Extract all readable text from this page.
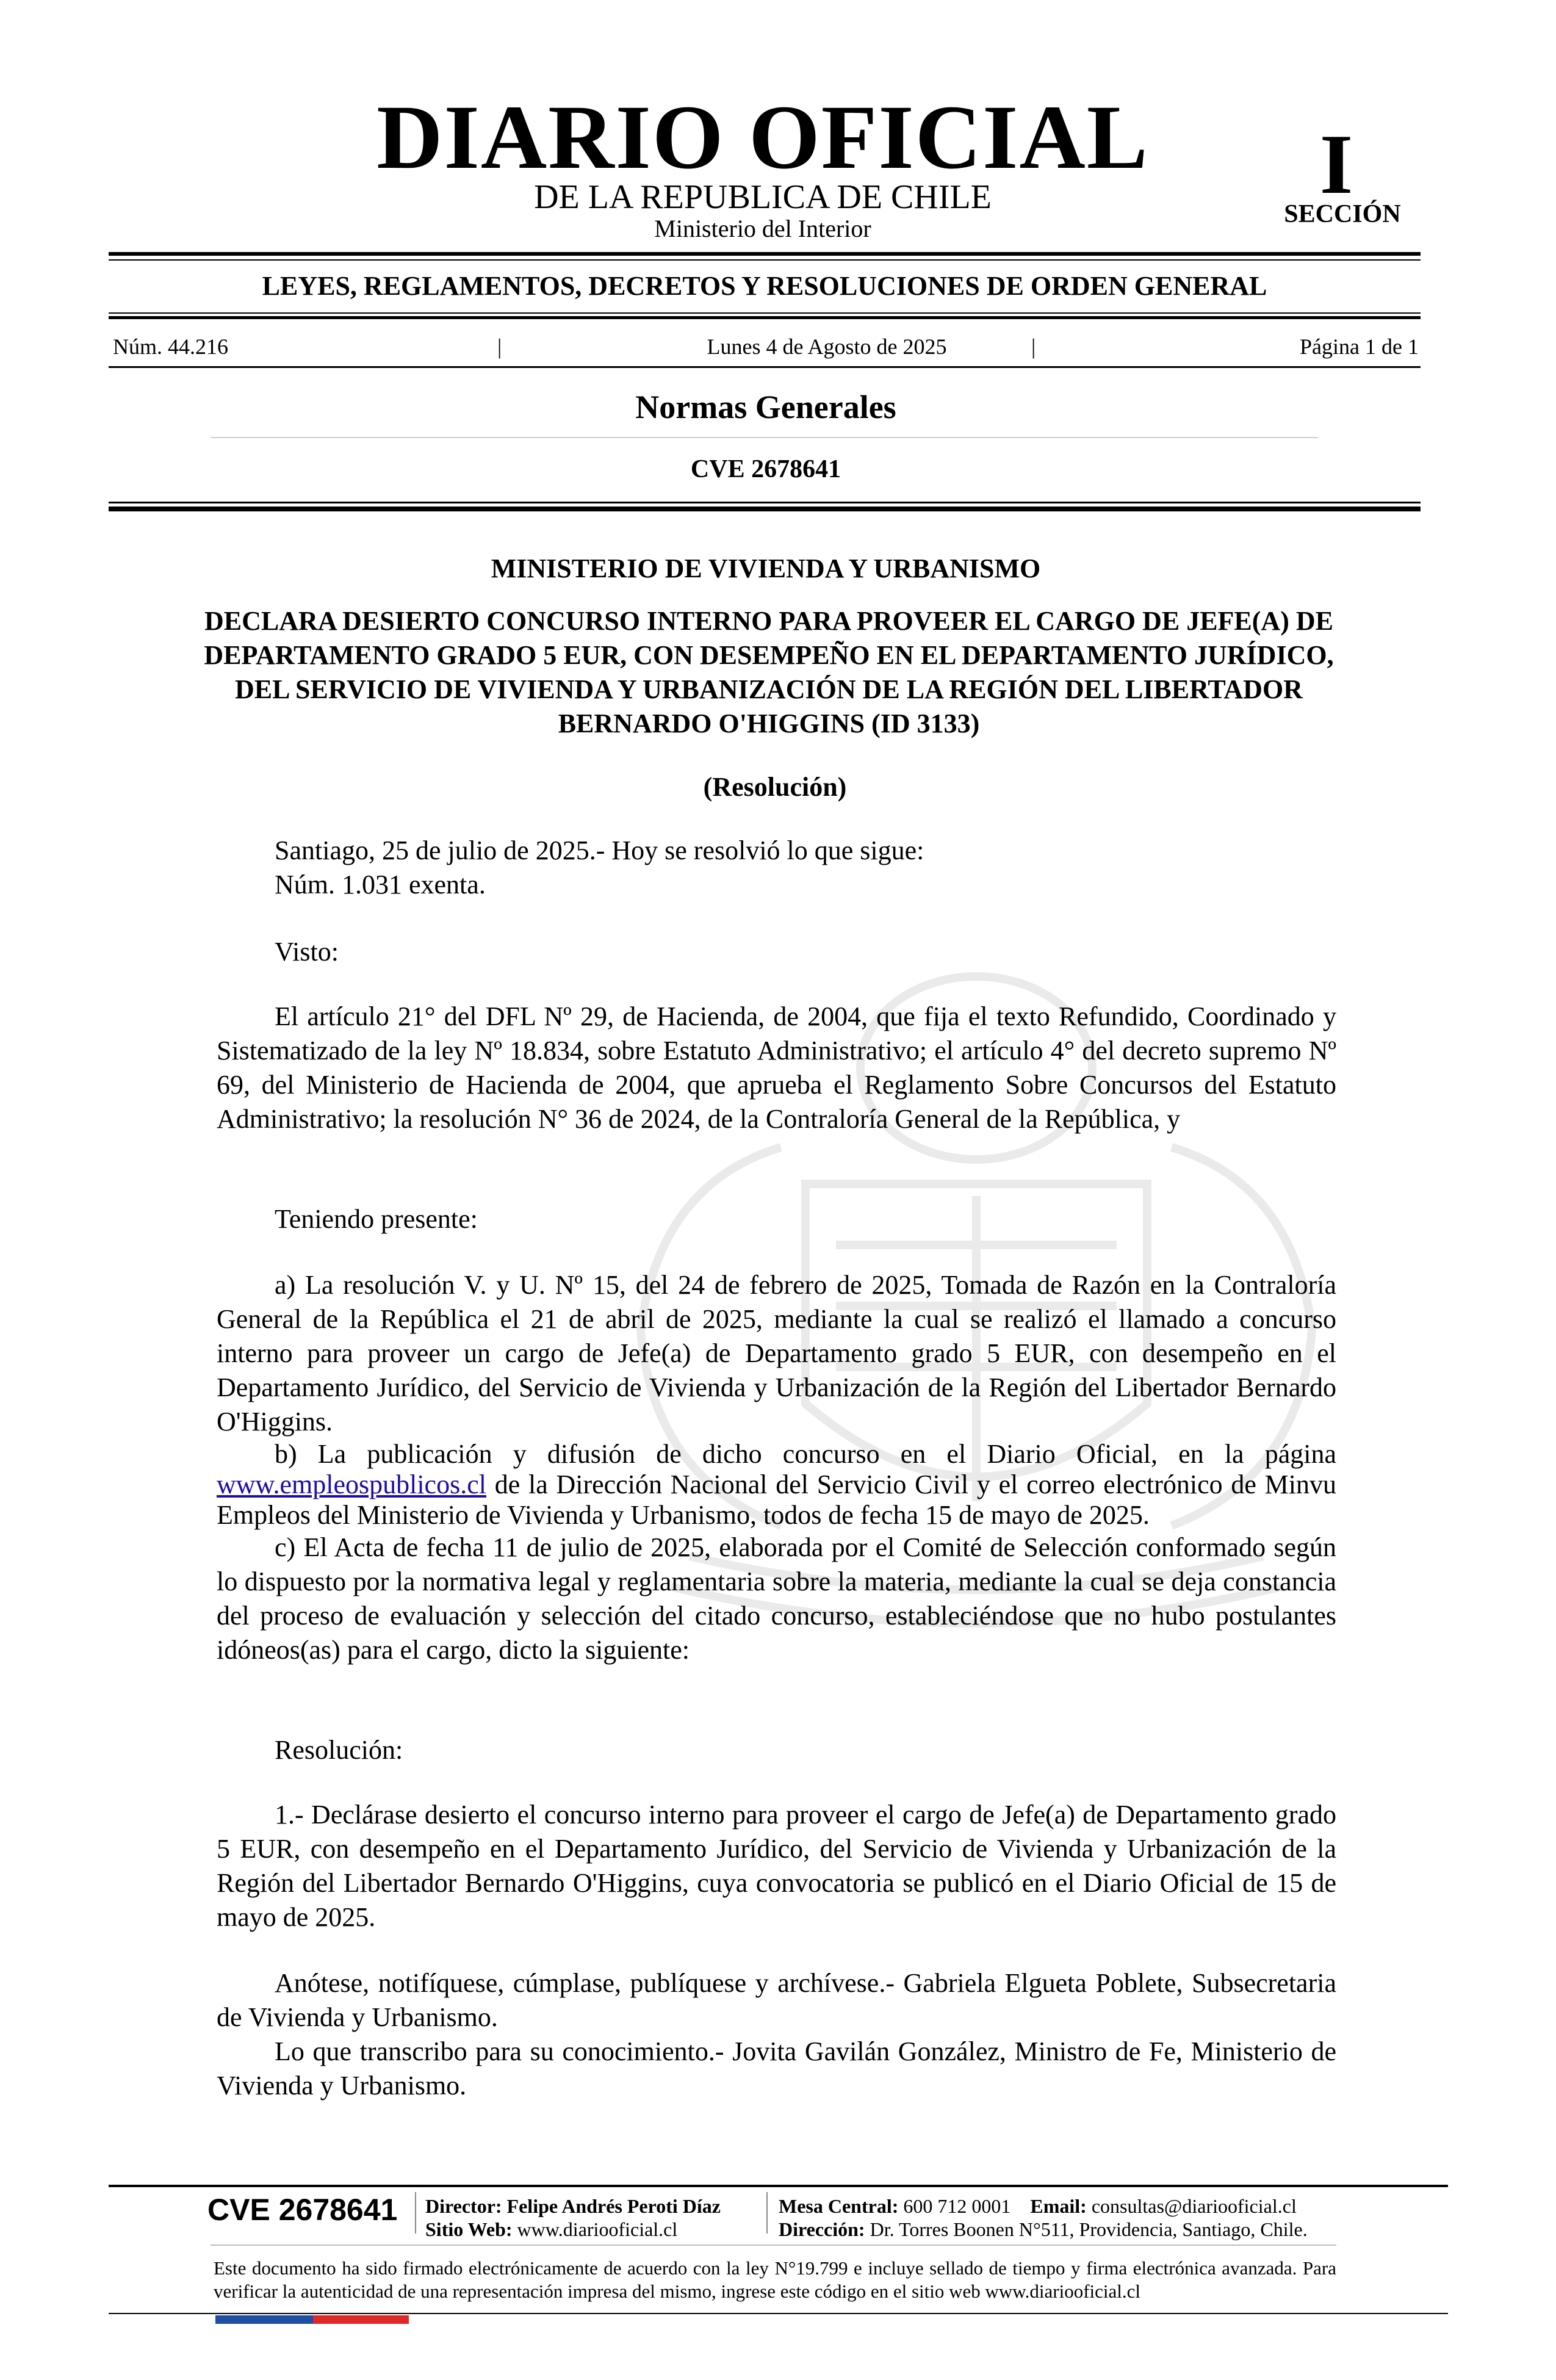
DIARIO OFICIAL
DE LA REPUBLICA DE CHILE
Ministerio del Interior
I
SECCIÓN
LEYES, REGLAMENTOS, DECRETOS Y RESOLUCIONES DE ORDEN GENERAL
Núm. 44.216	|	Lunes 4 de Agosto de 2025	|	Página 1 de 1
Normas Generales
CVE 2678641
MINISTERIO DE VIVIENDA Y URBANISMO
DECLARA DESIERTO CONCURSO INTERNO PARA PROVEER EL CARGO DE JEFE(A) DE DEPARTAMENTO GRADO 5 EUR, CON DESEMPEÑO EN EL DEPARTAMENTO JURÍDICO, DEL SERVICIO DE VIVIENDA Y URBANIZACIÓN DE LA REGIÓN DEL LIBERTADOR BERNARDO O'HIGGINS (ID 3133)
(Resolución)

Santiago, 25 de julio de 2025.- Hoy se resolvió lo que sigue:

Núm. 1.031 exenta.

Visto:

El artículo 21° del DFL Nº 29, de Hacienda, de 2004, que fija el texto Refundido, Coordinado y Sistematizado de la ley Nº 18.834, sobre Estatuto Administrativo; el artículo 4° del decreto supremo Nº 69, del Ministerio de Hacienda de 2004, que aprueba el Reglamento Sobre Concursos del Estatuto Administrativo; la resolución N° 36 de 2024, de la Contraloría General de la República, y

Teniendo presente:

a) La resolución V. y U. Nº 15, del 24 de febrero de 2025, Tomada de Razón en la Contraloría General de la República el 21 de abril de 2025, mediante la cual se realizó el llamado a concurso interno para proveer un cargo de Jefe(a) de Departamento grado 5 EUR, con desempeño en el Departamento Jurídico, del Servicio de Vivienda y Urbanización de la Región del Libertador Bernardo O'Higgins.

b) La publicación y difusión de dicho concurso en el Diario Oficial, en la página www.empleospublicos.cl de la Dirección Nacional del Servicio Civil y el correo electrónico de Minvu Empleos del Ministerio de Vivienda y Urbanismo, todos de fecha 15 de mayo de 2025.

c) El Acta de fecha 11 de julio de 2025, elaborada por el Comité de Selección conformado según lo dispuesto por la normativa legal y reglamentaria sobre la materia, mediante la cual se deja constancia del proceso de evaluación y selección del citado concurso, estableciéndose que no hubo postulantes idóneos(as) para el cargo, dicto la siguiente:

Resolución:

1.- Declárase desierto el concurso interno para proveer el cargo de Jefe(a) de Departamento grado 5 EUR, con desempeño en el Departamento Jurídico, del Servicio de Vivienda y Urbanización de la Región del Libertador Bernardo O'Higgins, cuya convocatoria se publicó en el Diario Oficial de 15 de mayo de 2025.

Anótese, notifíquese, cúmplase, publíquese y archívese.- Gabriela Elgueta Poblete, Subsecretaria de Vivienda y Urbanismo.

Lo que transcribo para su conocimiento.- Jovita Gavilán González, Ministro de Fe, Ministerio de Vivienda y Urbanismo.

CVE 2678641 Director: Felipe Andrés Peroti Díaz
Sitio Web: www.diariooficial.cl
Mesa Central: 600 712 0001 Email: consultas@diariooficial.cl
Dirección: Dr. Torres Boonen N°511, Providencia, Santiago, Chile.
Este documento ha sido firmado electrónicamente de acuerdo con la ley N°19.799 e incluye sellado de tiempo y firma electrónica avanzada. Para verificar la autenticidad de una representación impresa del mismo, ingrese este código en el sitio web www.diariooficial.cl
